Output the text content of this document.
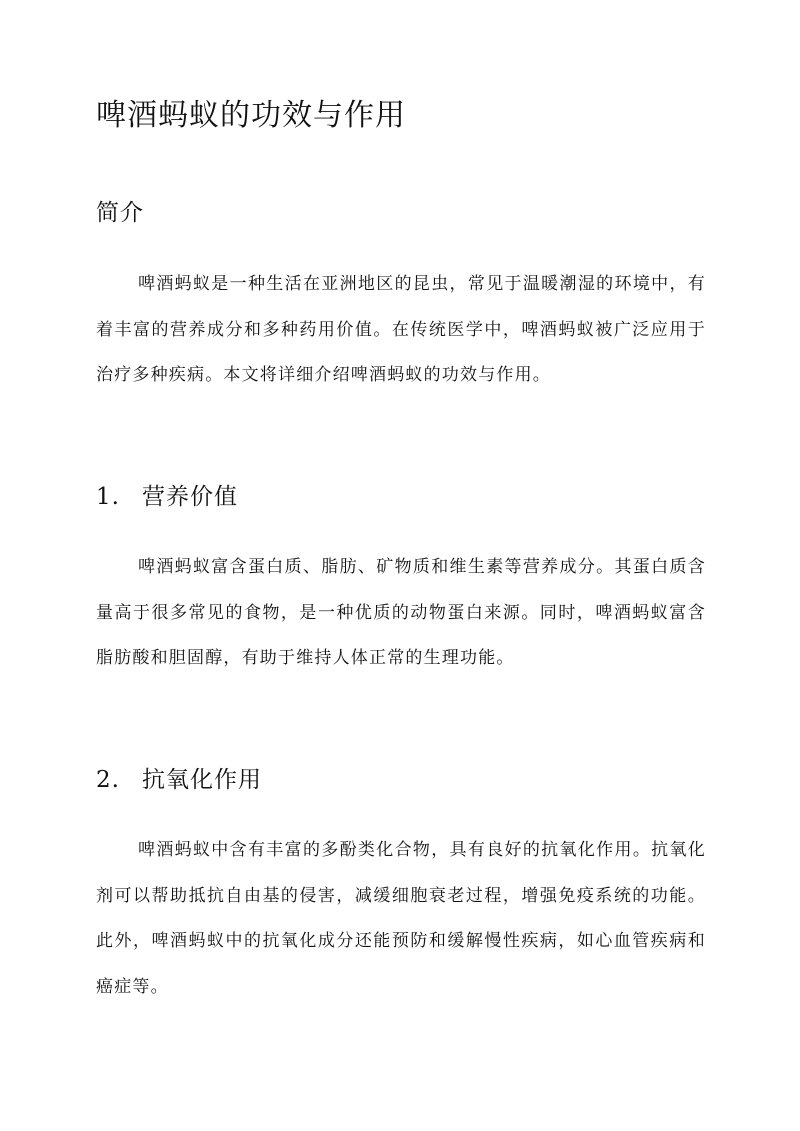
啤酒蚂蚁的功效与作用
简介

啤酒蚂蚁是一种生活在亚洲地区的昆虫，常见于温暖潮湿的环境中，有着丰富的营养成分和多种药用价值。在传统医学中，啤酒蚂蚁被广泛应用于治疗多种疾病。本文将详细介绍啤酒蚂蚁的功效与作用。

1. 营养价值

啤酒蚂蚁富含蛋白质、脂肪、矿物质和维生素等营养成分。其蛋白质含量高于很多常见的食物，是一种优质的动物蛋白来源。同时，啤酒蚂蚁富含脂肪酸和胆固醇，有助于维持人体正常的生理功能。

2. 抗氧化作用

啤酒蚂蚁中含有丰富的多酚类化合物，具有良好的抗氧化作用。抗氧化剂可以帮助抵抗自由基的侵害，减缓细胞衰老过程，增强免疫系统的功能。此外，啤酒蚂蚁中的抗氧化成分还能预防和缓解慢性疾病，如心血管疾病和癌症等。
